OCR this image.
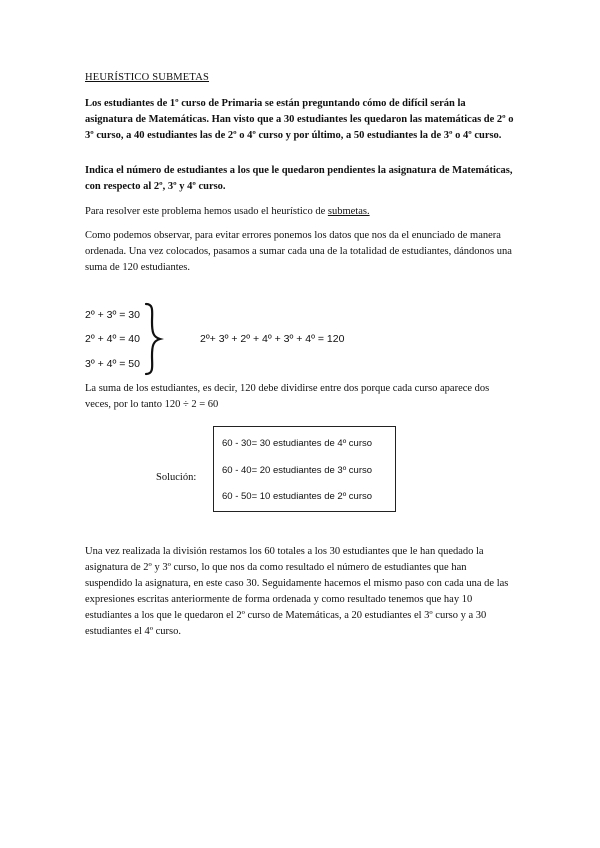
HEURÍSTICO SUBMETAS

Los estudiantes de 1º curso de Primaria se están preguntando cómo de difícil serán la asignatura de Matemáticas. Han visto que a 30 estudiantes les quedaron las matemáticas de 2º o 3º curso, a 40 estudiantes las de 2º o 4º curso y por último, a 50 estudiantes la de 3º o 4º curso.

Indica el número de estudiantes a los que le quedaron pendientes la asignatura de Matemáticas, con respecto al 2º, 3º y 4º curso.

Para resolver este problema hemos usado el heurístico de submetas.

Como podemos observar, para evitar errores ponemos los datos que nos da el enunciado de manera ordenada. Una vez colocados, pasamos a sumar cada una de la totalidad de estudiantes, dándonos una suma de 120 estudiantes.

2º + 3º = 30
2º + 4º = 40
3º + 4º = 50
2º+ 3º + 2º + 4º + 3º + 4º = 120

La suma de los estudiantes, es decir, 120 debe dividirse entre dos porque cada curso aparece dos veces, por lo tanto 120 ÷ 2 = 60

Solución:
60 - 30= 30 estudiantes de 4º curso
60 - 40= 20 estudiantes de 3º curso
60 - 50= 10 estudiantes de 2º curso

Una vez realizada la división restamos los 60 totales a los 30 estudiantes que le han quedado la asignatura de 2º y 3º curso, lo que nos da como resultado el número de estudiantes que han suspendido la asignatura, en este caso 30. Seguidamente hacemos el mismo paso con cada una de las expresiones escritas anteriormente de forma ordenada y como resultado tenemos que hay 10 estudiantes a los que le quedaron el 2º curso de Matemáticas, a 20 estudiantes el 3º curso y a 30 estudiantes el 4º curso.
